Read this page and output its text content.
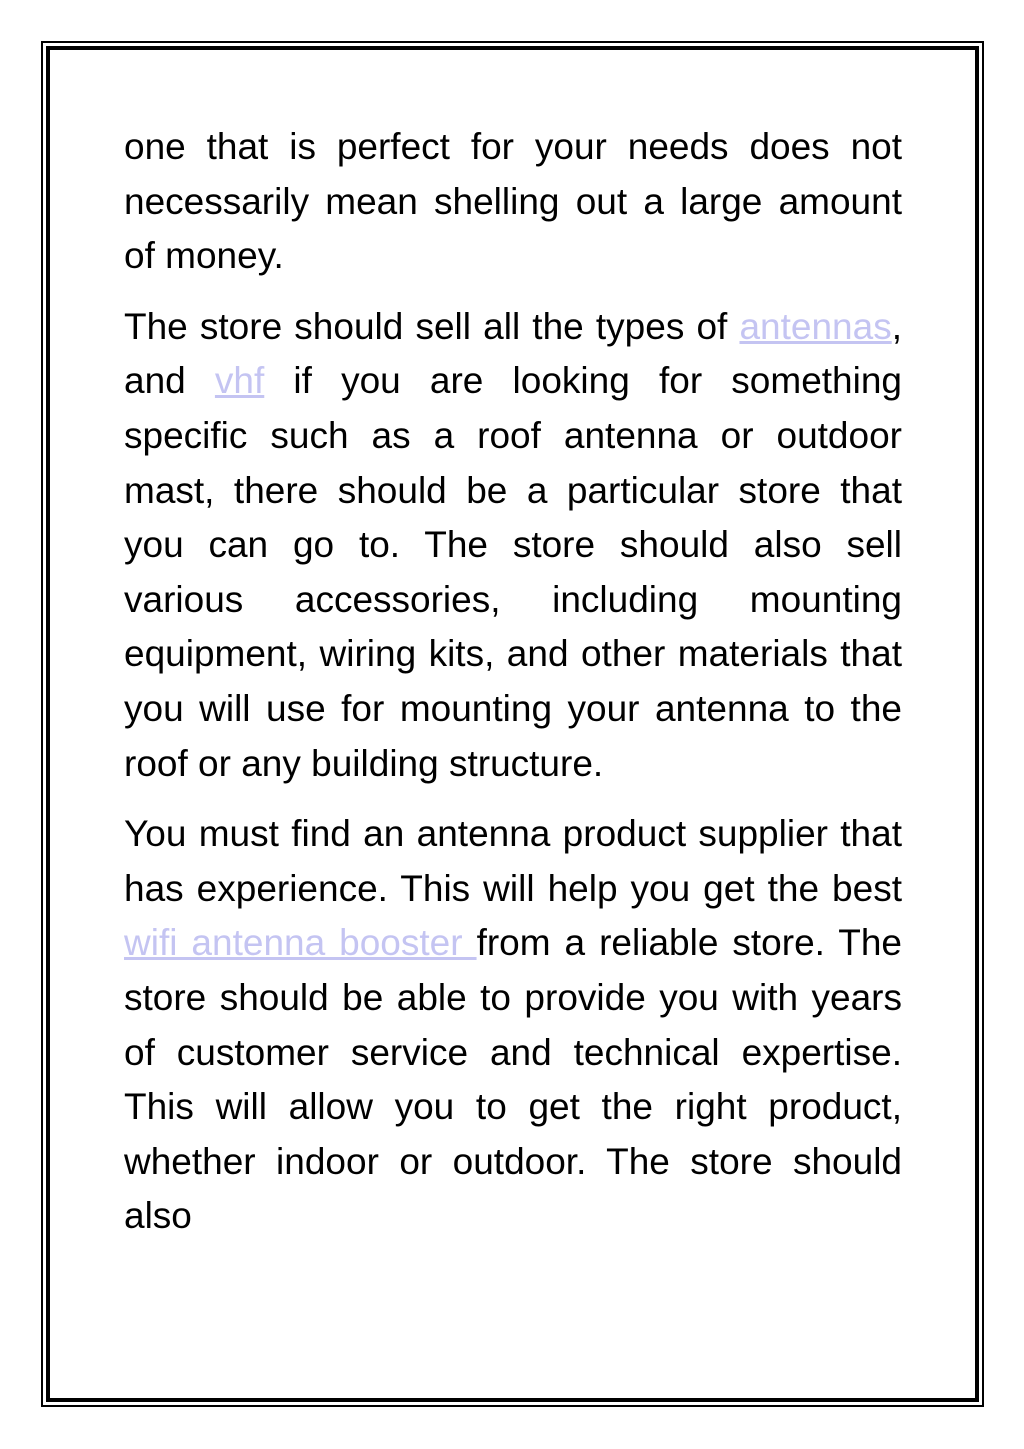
one that is perfect for your needs does not necessarily mean shelling out a large amount of money.

The store should sell all the types of antennas, and vhf if you are looking for something specific such as a roof antenna or outdoor mast, there should be a particular store that you can go to. The store should also sell various accessories, including mounting equipment, wiring kits, and other materials that you will use for mounting your antenna to the roof or any building structure.

You must find an antenna product supplier that has experience. This will help you get the best wifi antenna booster from a reliable store. The store should be able to provide you with years of customer service and technical expertise. This will allow you to get the right product, whether indoor or outdoor. The store should also
